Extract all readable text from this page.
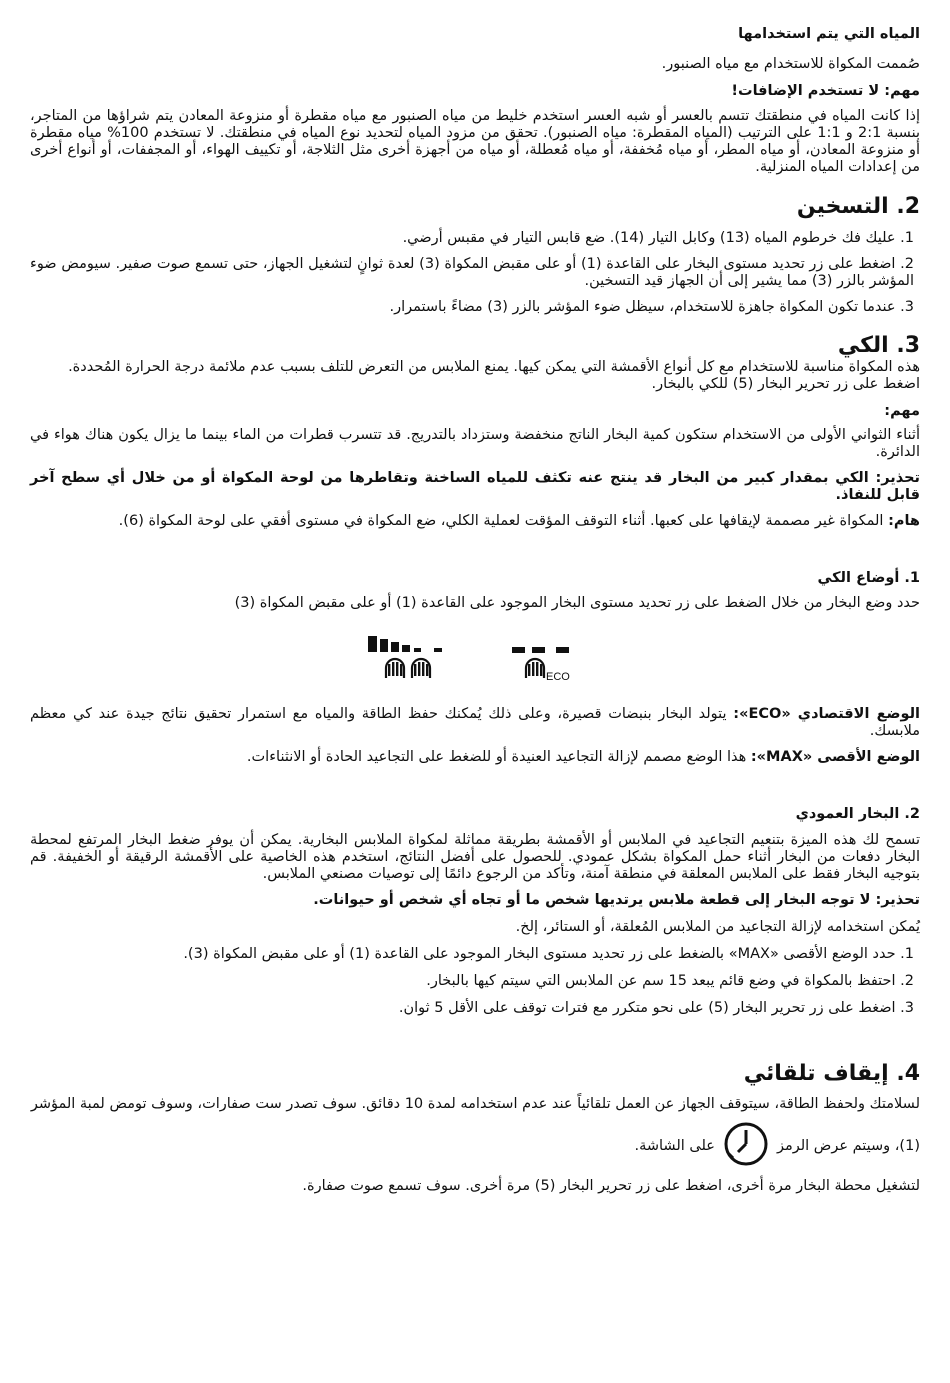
المياه التي يتم استخدامها

صُممت المكواة للاستخدام مع مياه الصنبور.

مهم: لا تستخدم الإضافات!

إذا كانت المياه في منطقتك تتسم بالعسر أو شبه العسر استخدم خليط من مياه الصنبور مع مياه مقطرة أو منزوعة المعادن يتم شراؤها من المتاجر، بنسبة 2:1 و 1:1 على الترتيب (المياه المقطرة: مياه الصنبور). تحقق من مزود المياه لتحديد نوع المياه في منطقتك. لا تستخدم 100% مياه مقطرة أو منزوعة المعادن، أو مياه المطر، أو مياه مُخففة، أو مياه مُعطلة، أو مياه من أجهزة أخرى مثل الثلاجة، أو تكييف الهواء، أو المجففات، أو أنواع أخرى من إعدادات المياه المنزلية.

2. التسخين

1. عليك فك خرطوم المياه (13) وكابل التيار (14). ضع قابس التيار في مقبس أرضي.

2. اضغط على زر تحديد مستوى البخار على القاعدة (1) أو على مقبض المكواة (3) لعدة ثوانٍ لتشغيل الجهاز، حتى تسمع صوت صفير. سيومض ضوء المؤشر بالزر (3) مما يشير إلى أن الجهاز قيد التسخين.

3. عندما تكون المكواة جاهزة للاستخدام، سيظل ضوء المؤشر بالزر (3) مضاءً باستمرار.

3. الكي

هذه المكواة مناسبة للاستخدام مع كل أنواع الأقمشة التي يمكن كيها. يمنع الملابس من التعرض للتلف بسبب عدم ملائمة درجة الحرارة المُحددة.

اضغط على زر تحرير البخار (5) للكي بالبخار.

مهم:

أثناء الثواني الأولى من الاستخدام ستكون كمية البخار الناتج منخفضة وستزداد بالتدريج. قد تتسرب قطرات من الماء بينما ما يزال يكون هناك هواء في الدائرة.

تحذير: الكي بمقدار كبير من البخار قد ينتج عنه تكثف للمياه الساخنة وتقاطرها من لوحة المكواة أو من خلال أي سطح آخر قابل للنفاذ.

هام: المكواة غير مصممة لإيقافها على كعبها. أثناء التوقف المؤقت لعملية الكلي، ضع المكواة في مستوى أفقي على لوحة المكواة (6).

1. أوضاع الكي

حدد وضع البخار من خلال الضغط على زر تحديد مستوى البخار الموجود على القاعدة (1) أو على مقبض المكواة (3)

ECO

الوضع الاقتصادي «ECO»: يتولد البخار بنبضات قصيرة، وعلى ذلك يُمكنك حفظ الطاقة والمياه مع استمرار تحقيق نتائج جيدة عند كي معظم ملابسك.

الوضع الأقصى «MAX»: هذا الوضع مصمم لإزالة التجاعيد العنيدة أو للضغط على التجاعيد الحادة أو الانثناءات.

2. البخار العمودي

تسمح لك هذه الميزة بتنعيم التجاعيد في الملابس أو الأقمشة بطريقة مماثلة لمكواة الملابس البخارية. يمكن أن يوفر ضغط البخار المرتفع لمحطة البخار دفعات من البخار أثناء حمل المكواة بشكل عمودي. للحصول على أفضل النتائج، استخدم هذه الخاصية على الأقمشة الرقيقة أو الخفيفة. قم بتوجيه البخار فقط على الملابس المعلقة في منطقة آمنة، وتأكد من الرجوع دائمًا إلى توصيات مصنعي الملابس.

تحذير: لا توجه البخار إلى قطعة ملابس يرتديها شخص ما أو تجاه أي شخص أو حيوانات.

يُمكن استخدامه لإزالة التجاعيد من الملابس المُعلقة، أو الستائر، إلخ.

1. حدد الوضع الأقصى «MAX» بالضغط على زر تحديد مستوى البخار الموجود على القاعدة (1) أو على مقبض المكواة (3).

2. احتفظ بالمكواة في وضع قائم يبعد 15 سم عن الملابس التي سيتم كيها بالبخار.

3. اضغط على زر تحرير البخار (5) على نحو متكرر مع فترات توقف على الأقل 5 ثوان.

4. إيقاف تلقائي

لسلامتك ولحفظ الطاقة، سيتوقف الجهاز عن العمل تلقائياً عند عدم استخدامه لمدة 10 دقائق. سوف تصدر ست صفارات، وسوف تومض لمبة المؤشر

(1)، وسيتم عرض الرمز
على الشاشة.

لتشغيل محطة البخار مرة أخرى، اضغط على زر تحرير البخار (5) مرة أخرى. سوف تسمع صوت صفارة.
